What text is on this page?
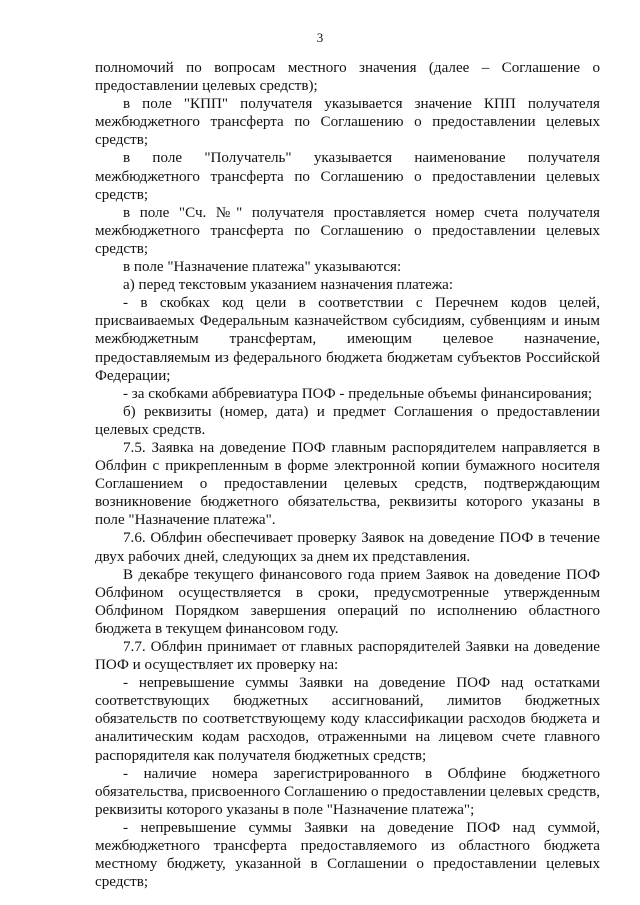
3

полномочий по вопросам местного значения (далее – Соглашение о предоставлении целевых средств);

в поле "КПП" получателя указывается значение КПП получателя межбюджетного трансферта по Соглашению о предоставлении целевых средств;

в поле "Получатель" указывается наименование получателя межбюджетного трансферта по Соглашению о предоставлении целевых средств;

в поле "Сч. №" получателя проставляется номер счета получателя межбюджетного трансферта по Соглашению о предоставлении целевых средств;

в поле "Назначение платежа" указываются:

а) перед текстовым указанием назначения платежа:

- в скобках код цели в соответствии с Перечнем кодов целей, присваиваемых Федеральным казначейством субсидиям, субвенциям и иным межбюджетным трансфертам, имеющим целевое назначение, предоставляемым из федерального бюджета бюджетам субъектов Российской Федерации;

- за скобками аббревиатура ПОФ - предельные объемы финансирования;

б) реквизиты (номер, дата) и предмет Соглашения о предоставлении целевых средств.

7.5. Заявка на доведение ПОФ главным распорядителем направляется в Облфин с прикрепленным в форме электронной копии бумажного носителя Соглашением о предоставлении целевых средств, подтверждающим возникновение бюджетного обязательства, реквизиты которого указаны в поле "Назначение платежа".

7.6. Облфин обеспечивает проверку Заявок на доведение ПОФ в течение двух рабочих дней, следующих за днем их представления.

В декабре текущего финансового года прием Заявок на доведение ПОФ Облфином осуществляется в сроки, предусмотренные утвержденным Облфином Порядком завершения операций по исполнению областного бюджета в текущем финансовом году.

7.7. Облфин принимает от главных распорядителей Заявки на доведение ПОФ и осуществляет их проверку на:

- непревышение суммы Заявки на доведение ПОФ над остатками соответствующих бюджетных ассигнований, лимитов бюджетных обязательств по соответствующему коду классификации расходов бюджета и аналитическим кодам расходов, отраженными на лицевом счете главного распорядителя как получателя бюджетных средств;

- наличие номера зарегистрированного в Облфине бюджетного обязательства, присвоенного Соглашению о предоставлении целевых средств, реквизиты которого указаны в поле "Назначение платежа";

- непревышение суммы Заявки на доведение ПОФ над суммой, межбюджетного трансферта предоставляемого из областного бюджета местному бюджету, указанной в Соглашении о предоставлении целевых средств;
